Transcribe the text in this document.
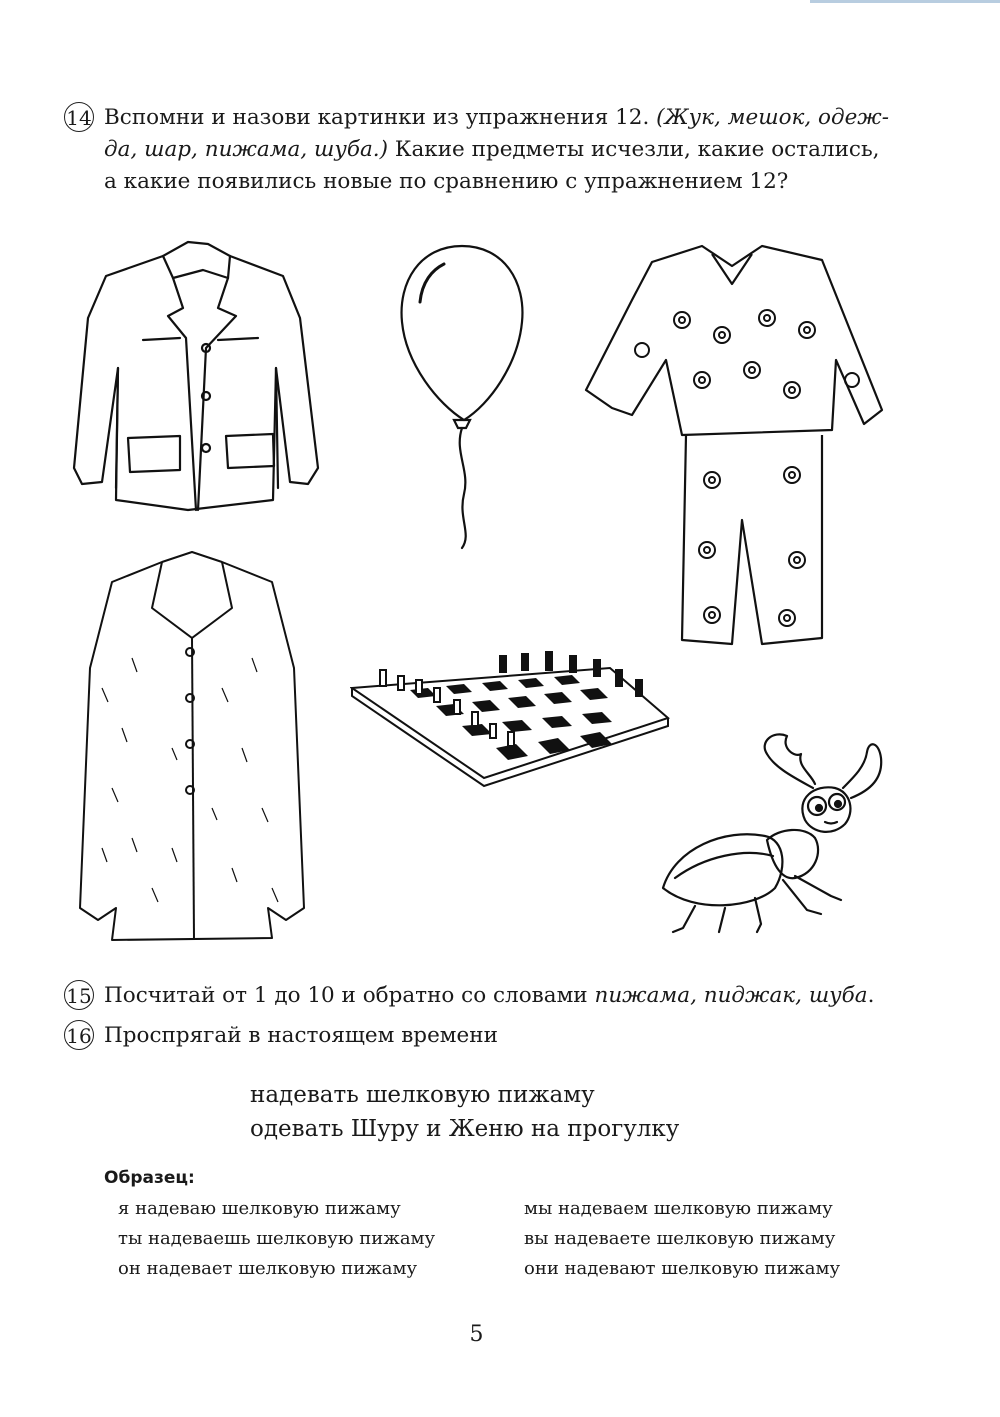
14 Вспомни и назови картинки из упражнения 12. (Жук, мешок, одеж-
да, шар, пижама, шуба.) Какие предметы исчезли, какие остались,
а какие появились новые по сравнению с упражнением 12?
15 Посчитай от 1 до 10 и обратно со словами пижама, пиджак, шуба.
16 Проспрягай в настоящем времени
надевать шелковую пижаму
одевать Шуру и Женю на прогулку
Образец:
я надеваю шелковую пижаму
ты надеваешь шелковую пижаму
он надевает шелковую пижаму
мы надеваем шелковую пижаму
вы надеваете шелковую пижаму
они надевают шелковую пижаму
5
